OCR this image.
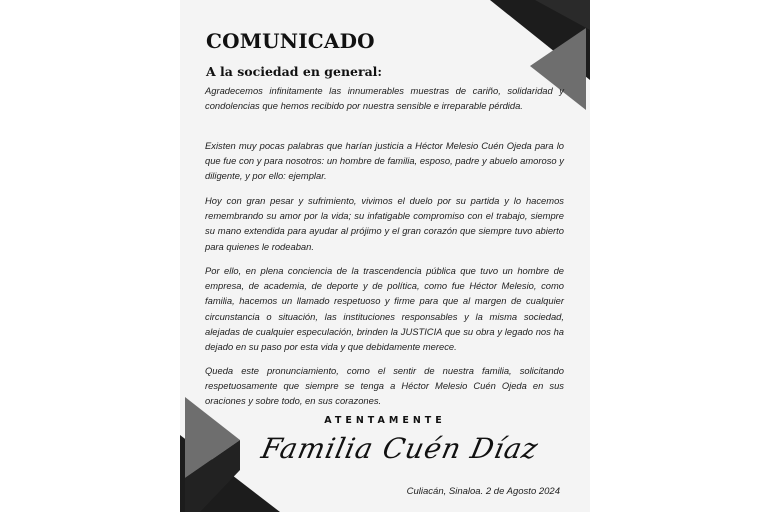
COMUNICADO
A la sociedad en general:

Agradecemos infinitamente las innumerables muestras de cariño, solidaridad y condolencias que hemos recibido por nuestra sensible e irreparable pérdida.

Existen muy pocas palabras que harían justicia a Héctor Melesio Cuén Ojeda para lo que fue con y para nosotros: un hombre de familia, esposo, padre y abuelo amoroso y diligente, y por ello: ejemplar.

Hoy con gran pesar y sufrimiento, vivimos el duelo por su partida y lo hacemos remembrando su amor por la vida; su infatigable compromiso con el trabajo, siempre su mano extendida para ayudar al prójimo y el gran corazón que siempre tuvo abierto para quienes le rodeaban.

Por ello, en plena conciencia de la trascendencia pública que tuvo un hombre de empresa, de academia, de deporte y de política, como fue Héctor Melesio, como familia, hacemos un llamado respetuoso y firme para que al margen de cualquier circunstancia o situación, las instituciones responsables y la misma sociedad, alejadas de cualquier especulación, brinden la JUSTICIA que su obra y legado nos ha dejado en su paso por esta vida y que debidamente merece.

Queda este pronunciamiento, como el sentir de nuestra familia, solicitando respetuosamente que siempre se tenga a Héctor Melesio Cuén Ojeda en sus oraciones y sobre todo, en sus corazones.

ATENTAMENTE
Familia Cuén Díaz
Culiacán, Sinaloa. 2 de Agosto 2024
